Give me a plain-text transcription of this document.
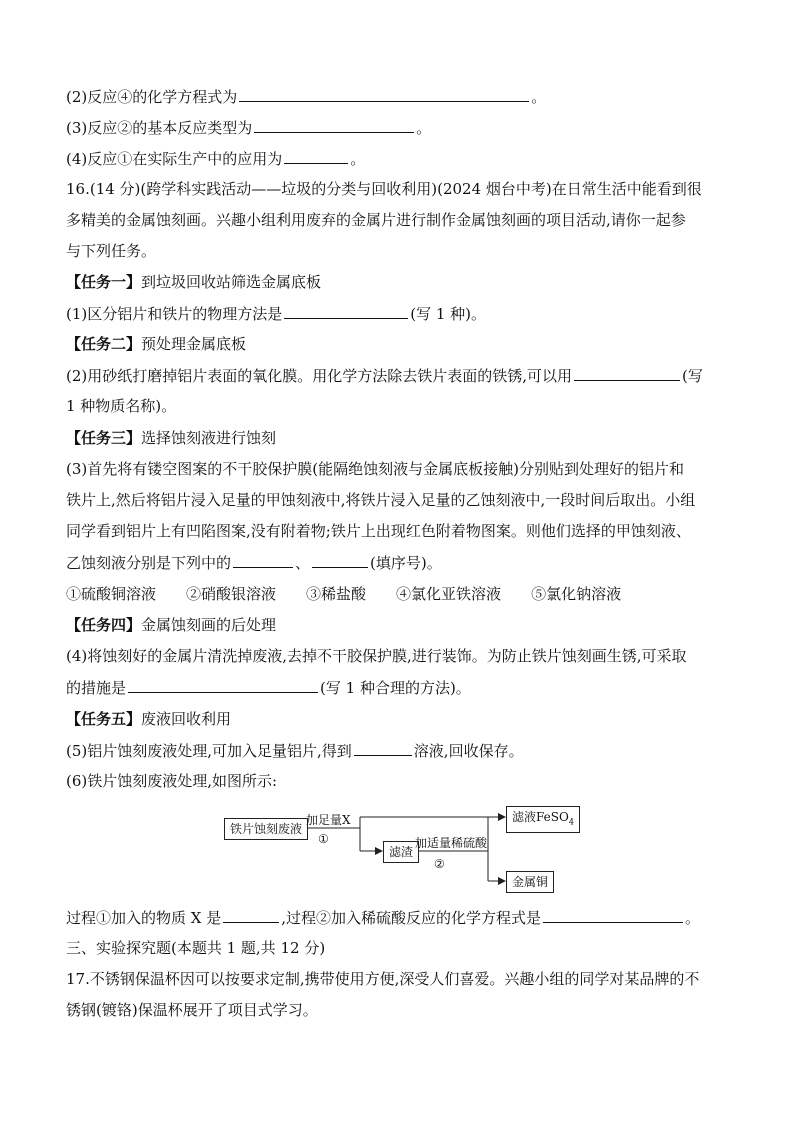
(2)反应④的化学方程式为	。
(3)反应②的基本反应类型为	。
(4)反应①在实际生产中的应用为	。
16.(14 分)(跨学科实践活动——垃圾的分类与回收利用)(2024 烟台中考)在日常生活中能看到很
多精美的金属蚀刻画。兴趣小组利用废弃的金属片进行制作金属蚀刻画的项目活动,请你一起参
与下列任务。
【任务一】到垃圾回收站筛选金属底板
(1)区分铝片和铁片的物理方法是	(写 1 种)。
【任务二】预处理金属底板
(2)用砂纸打磨掉铝片表面的氧化膜。用化学方法除去铁片表面的铁锈,可以用	(写
1 种物质名称)。
【任务三】选择蚀刻液进行蚀刻
(3)首先将有镂空图案的不干胶保护膜(能隔绝蚀刻液与金属底板接触)分别贴到处理好的铝片和
铁片上,然后将铝片浸入足量的甲蚀刻液中,将铁片浸入足量的乙蚀刻液中,一段时间后取出。小组
同学看到铝片上有凹陷图案,没有附着物;铁片上出现红色附着物图案。则他们选择的甲蚀刻液、
乙蚀刻液分别是下列中的	、	(填序号)。
①硫酸铜溶液 ②硝酸银溶液 ③稀盐酸 ④氯化亚铁溶液 ⑤氯化钠溶液
【任务四】金属蚀刻画的后处理
(4)将蚀刻好的金属片清洗掉废液,去掉不干胶保护膜,进行装饰。为防止铁片蚀刻画生锈,可采取
的措施是	(写 1 种合理的方法)。
【任务五】废液回收利用
(5)铝片蚀刻废液处理,可加入足量铝片,得到	溶液,回收保存。
(6)铁片蚀刻废液处理,如图所示:
铁片蚀刻废液
加足量X
①
滤渣
加适量稀硫酸
②
滤液FeSO$_4$
金属铜
过程①加入的物质 X 是	,过程②加入稀硫酸反应的化学方程式是	。
三、实验探究题(本题共 1 题,共 12 分)
17.不锈钢保温杯因可以按要求定制,携带使用方便,深受人们喜爱。兴趣小组的同学对某品牌的不
锈钢(镀铬)保温杯展开了项目式学习。
